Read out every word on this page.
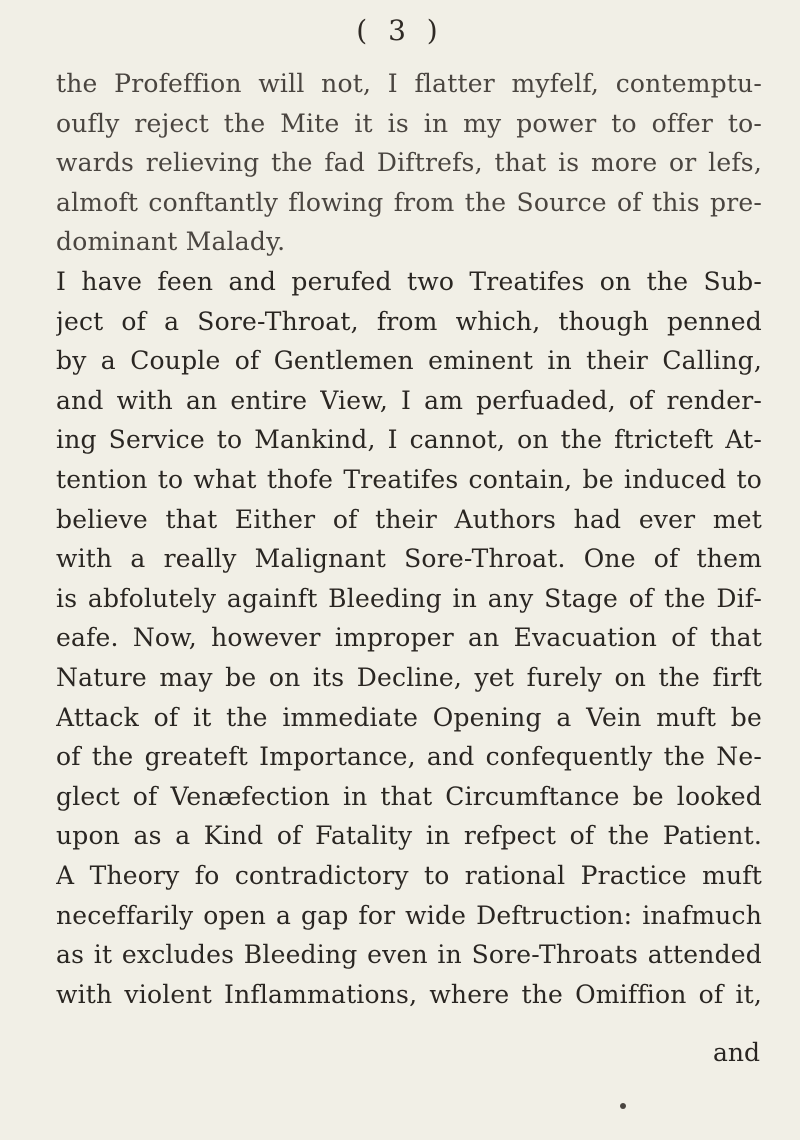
( 3 )
the Profeffion will not, I flatter myfelf, contemptu-
oufly reject the Mite it is in my power to offer to-
wards relieving the fad Diftrefs, that is more or lefs,
almoft conftantly flowing from the Source of this pre-
dominant Malady.
I have feen and perufed two Treatifes on the Sub-
ject of a Sore-Throat, from which, though penned
by a Couple of Gentlemen eminent in their Calling,
and with an entire View, I am perfuaded, of render-
ing Service to Mankind, I cannot, on the ftricteft At-
tention to what thofe Treatifes contain, be induced to
believe that Either of their Authors had ever met
with a really Malignant Sore-Throat. One of them
is abfolutely againft Bleeding in any Stage of the Dif-
eafe. Now, however improper an Evacuation of that
Nature may be on its Decline, yet furely on the firft
Attack of it the immediate Opening a Vein muft be
of the greateft Importance, and confequently the Ne-
glect of Venæfection in that Circumftance be looked
upon as a Kind of Fatality in refpect of the Patient.
A Theory fo contradictory to rational Practice muft
neceffarily open a gap for wide Deftruction: inafmuch
as it excludes Bleeding even in Sore-Throats attended
with violent Inflammations, where the Omiffion of it,
and
